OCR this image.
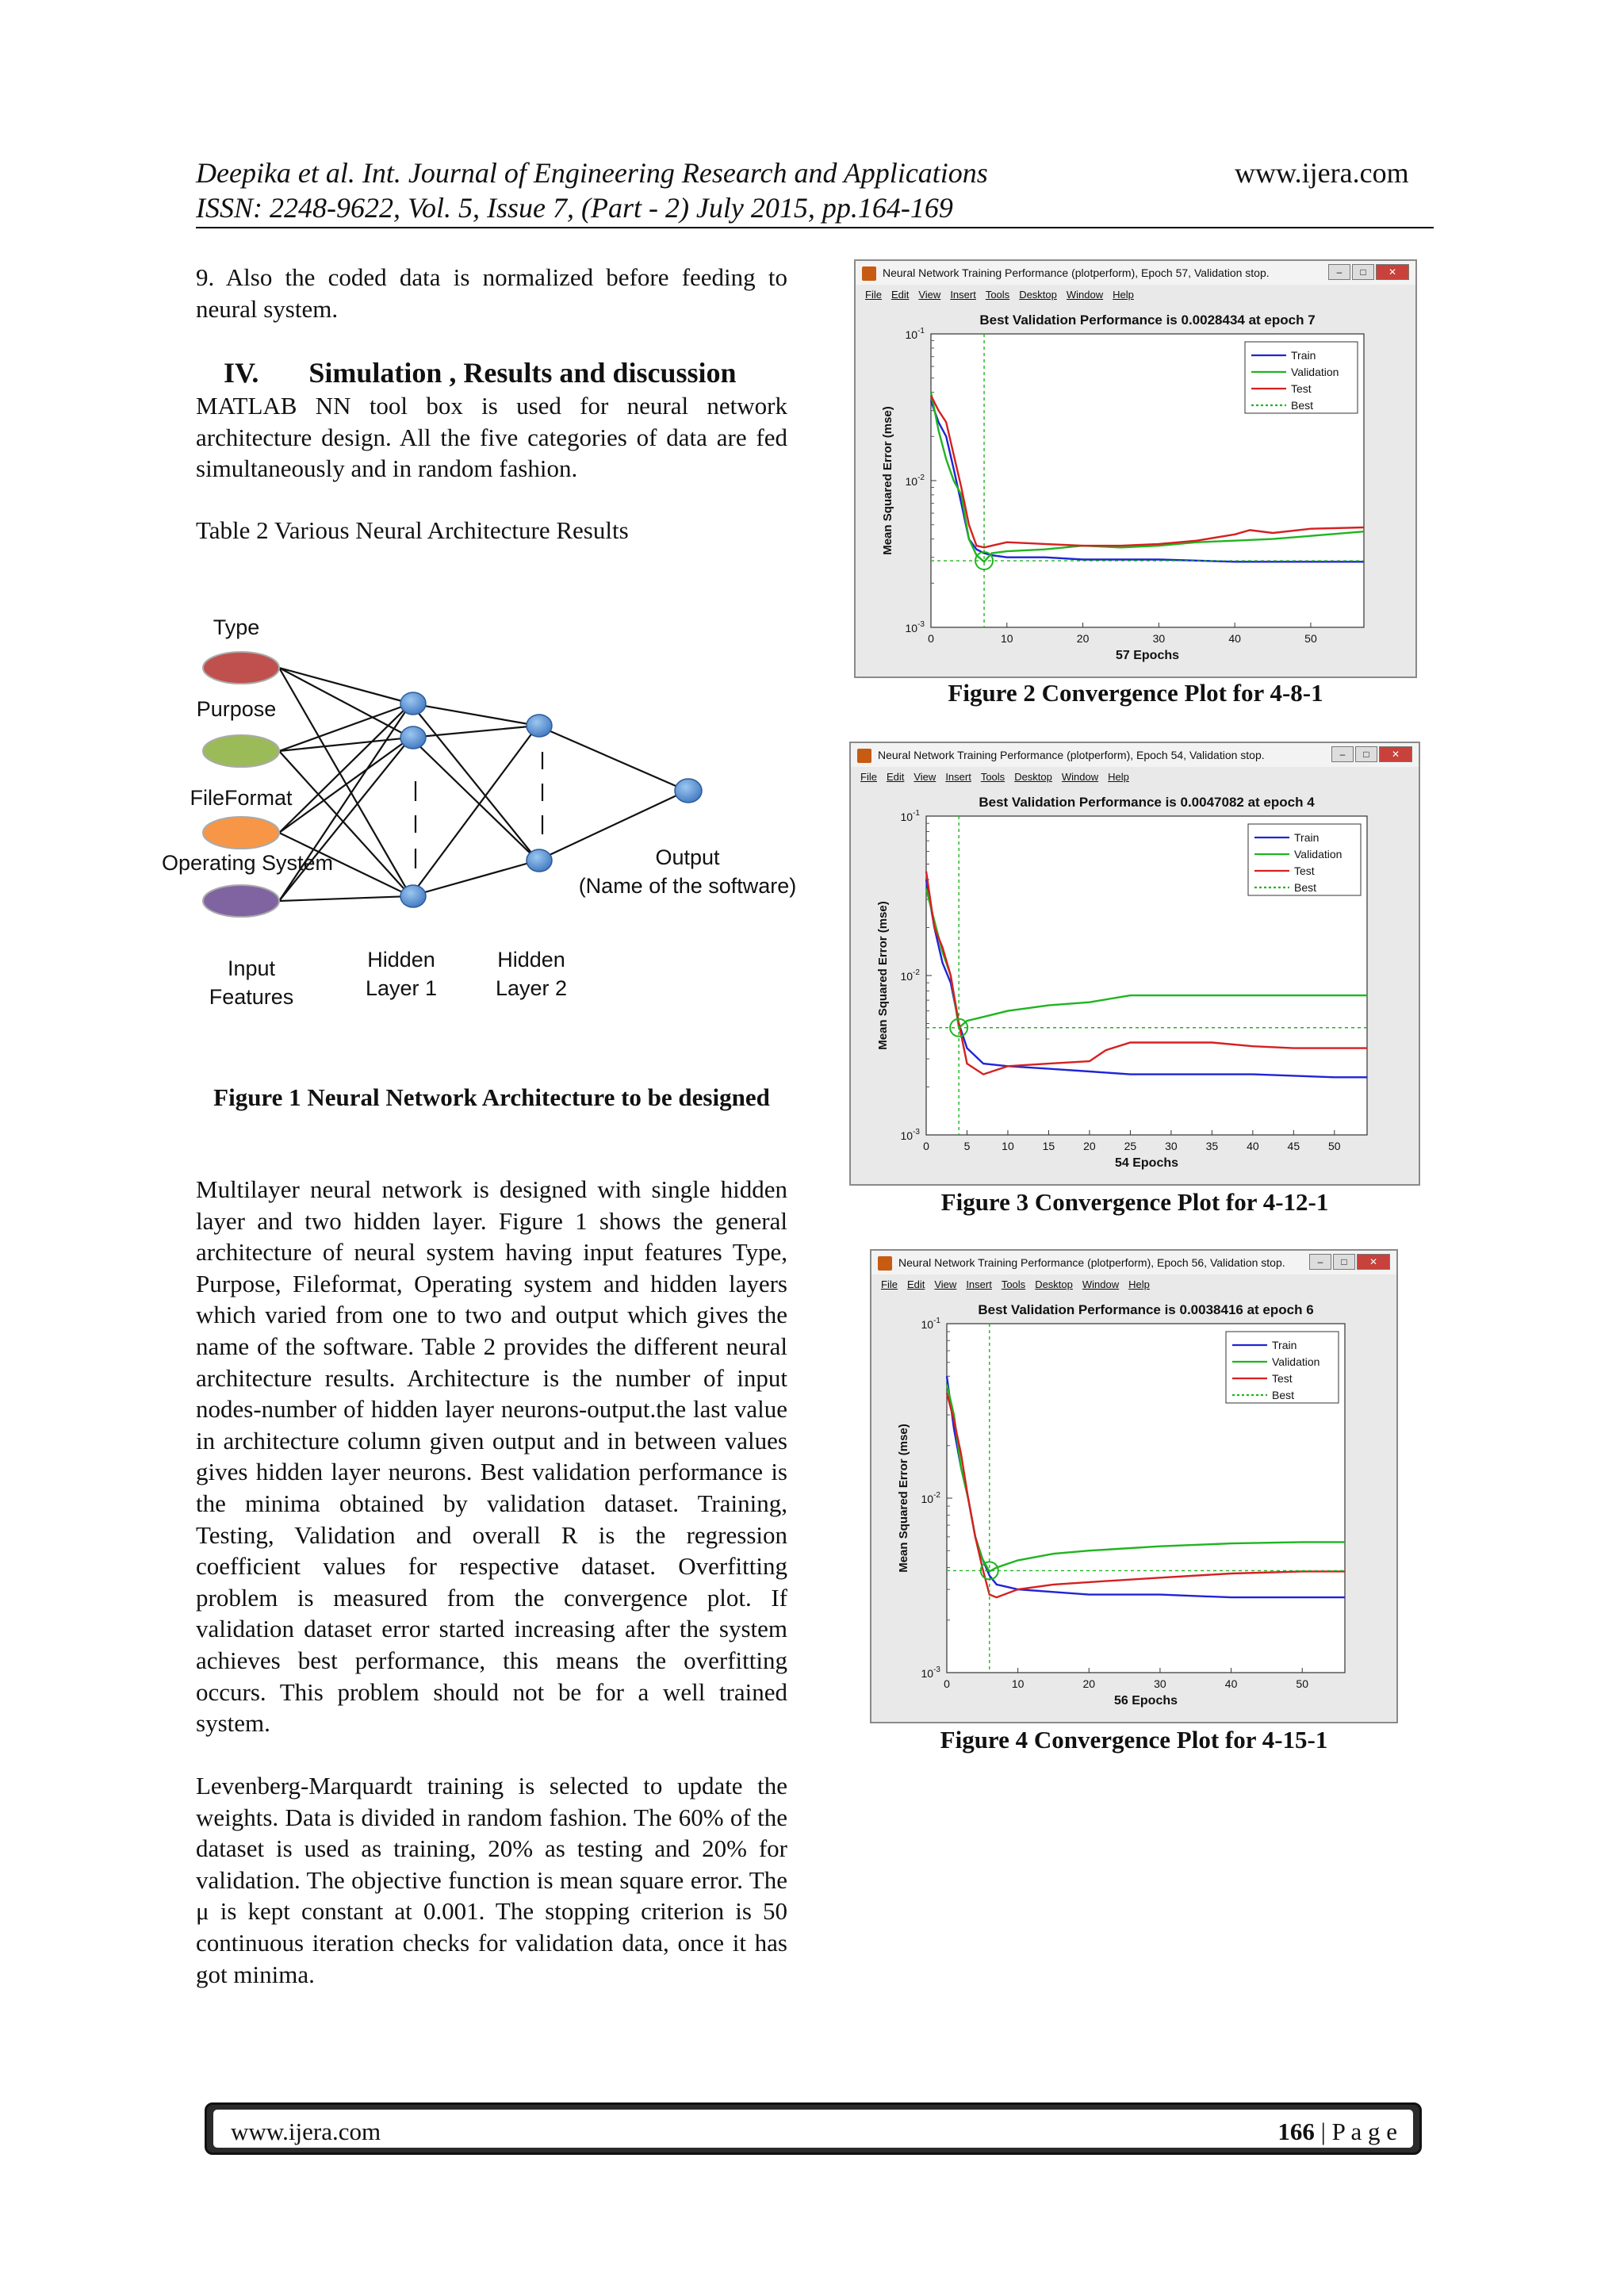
Deepika et al. Int. Journal of Engineering Research and Applications	www.ijera.com
ISSN: 2248-9622, Vol. 5, Issue 7, (Part - 2) July 2015, pp.164-169
9. Also the coded data is normalized before feeding to neural system.
IV.       Simulation , Results and discussion
MATLAB NN tool box is used for neural network architecture design. All the five categories of data are fed simultaneously and in random fashion.
Table 2 Various Neural Architecture Results
Type
Purpose
FileFormat
Operating System
Input
Features
Hidden
Layer 1
Hidden
Layer 2
Output
(Name of the software)
Figure 1 Neural Network Architecture to be designed
Multilayer neural network is designed with single hidden layer and two hidden layer. Figure 1 shows the general architecture of neural system having input features Type, Purpose, Fileformat, Operating system and hidden layers which varied from one to two and output which gives the name of the software. Table 2 provides the different neural architecture results. Architecture is the number of input nodes-number of hidden layer neurons-output.the last value in architecture column given output and in between values gives hidden layer neurons. Best validation performance is the minima obtained by validation dataset. Training, Testing, Validation and overall R is the regression coefficient values for respective dataset. Overfitting problem is measured from the convergence plot. If validation dataset error started increasing after the system achieves best performance, this means the overfitting occurs. This problem should not be for a well trained system.
Levenberg-Marquardt training is selected to update the weights. Data is divided in random fashion. The 60% of the dataset is used as training, 20% as testing and 20% for validation. The objective function is mean square error. The μ is kept constant at 0.001. The stopping criterion is 50 continuous iteration checks for validation data, once it has got minima.
Neural Network Training Performance (plotperform), Epoch 57, Validation stop.	– □ ✕
File Edit View Insert Tools Desktop Window Help
Best Validation Performance is 0.0028434 at epoch 7
0	10	20	30	40	50
$10^{-1}$
$10^{-2}$
$10^{-3}$
57 Epochs
Mean Squared Error (mse)
Train
Validation
Test
Best
Figure 2 Convergence Plot for 4-8-1
Neural Network Training Performance (plotperform), Epoch 54, Validation stop.	– □ ✕
File Edit View Insert Tools Desktop Window Help
Best Validation Performance is 0.0047082 at epoch 4
0	5	10	15	20	25	30	35	40	45	50
$10^{-1}$
$10^{-2}$
$10^{-3}$
54 Epochs
Mean Squared Error (mse)
Train
Validation
Test
Best
Figure 3 Convergence Plot for 4-12-1
Neural Network Training Performance (plotperform), Epoch 56, Validation stop.	– □ ✕
File Edit View Insert Tools Desktop Window Help
Best Validation Performance is 0.0038416 at epoch 6
0	10	20	30	40	50
$10^{-1}$
$10^{-2}$
$10^{-3}$
56 Epochs
Mean Squared Error (mse)
Train
Validation
Test
Best
Figure 4 Convergence Plot for 4-15-1
www.ijera.com	166 | P a g e
